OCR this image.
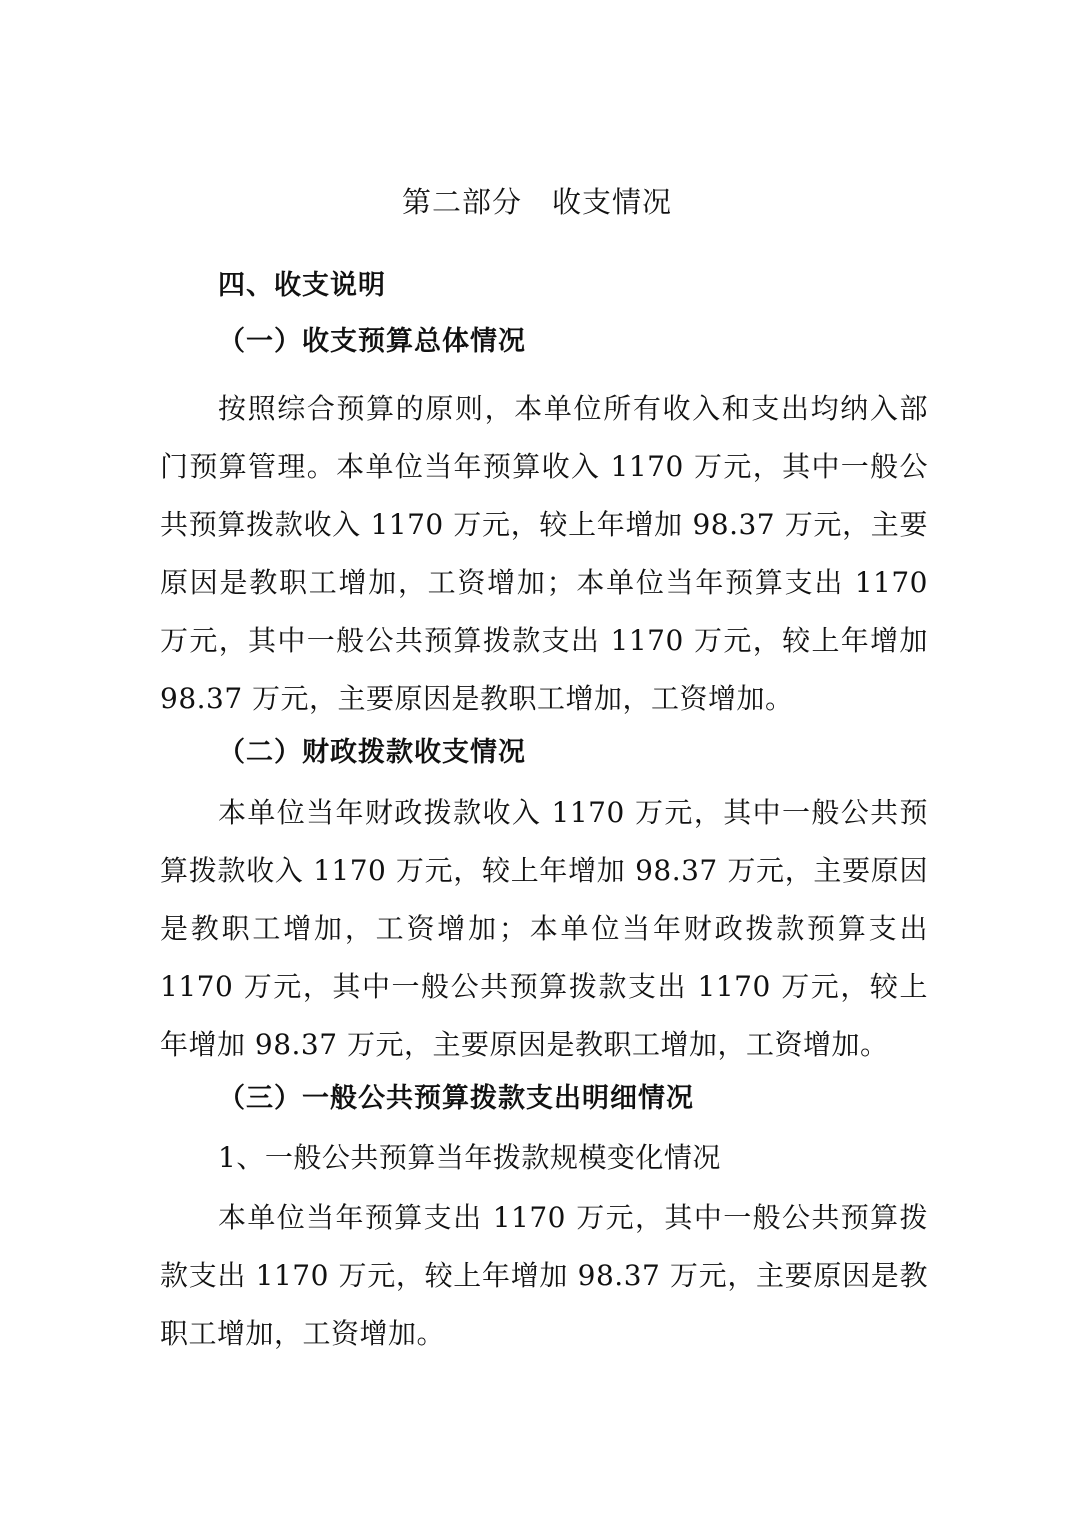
第二部分　收支情况
四、收支说明
（一）收支预算总体情况

按照综合预算的原则，本单位所有收入和支出均纳入部门预算管理。本单位当年预算收入 1170 万元，其中一般公共预算拨款收入 1170 万元，较上年增加 98.37 万元，主要原因是教职工增加，工资增加；本单位当年预算支出 1170 万元，其中一般公共预算拨款支出 1170 万元，较上年增加 98.37 万元，主要原因是教职工增加，工资增加。

（二）财政拨款收支情况

本单位当年财政拨款收入 1170 万元，其中一般公共预算拨款收入 1170 万元，较上年增加 98.37 万元，主要原因是教职工增加，工资增加；本单位当年财政拨款预算支出 1170 万元，其中一般公共预算拨款支出 1170 万元，较上年增加 98.37 万元，主要原因是教职工增加，工资增加。

（三）一般公共预算拨款支出明细情况

1、一般公共预算当年拨款规模变化情况

本单位当年预算支出 1170 万元，其中一般公共预算拨款支出 1170 万元，较上年增加 98.37 万元，主要原因是教职工增加，工资增加。
